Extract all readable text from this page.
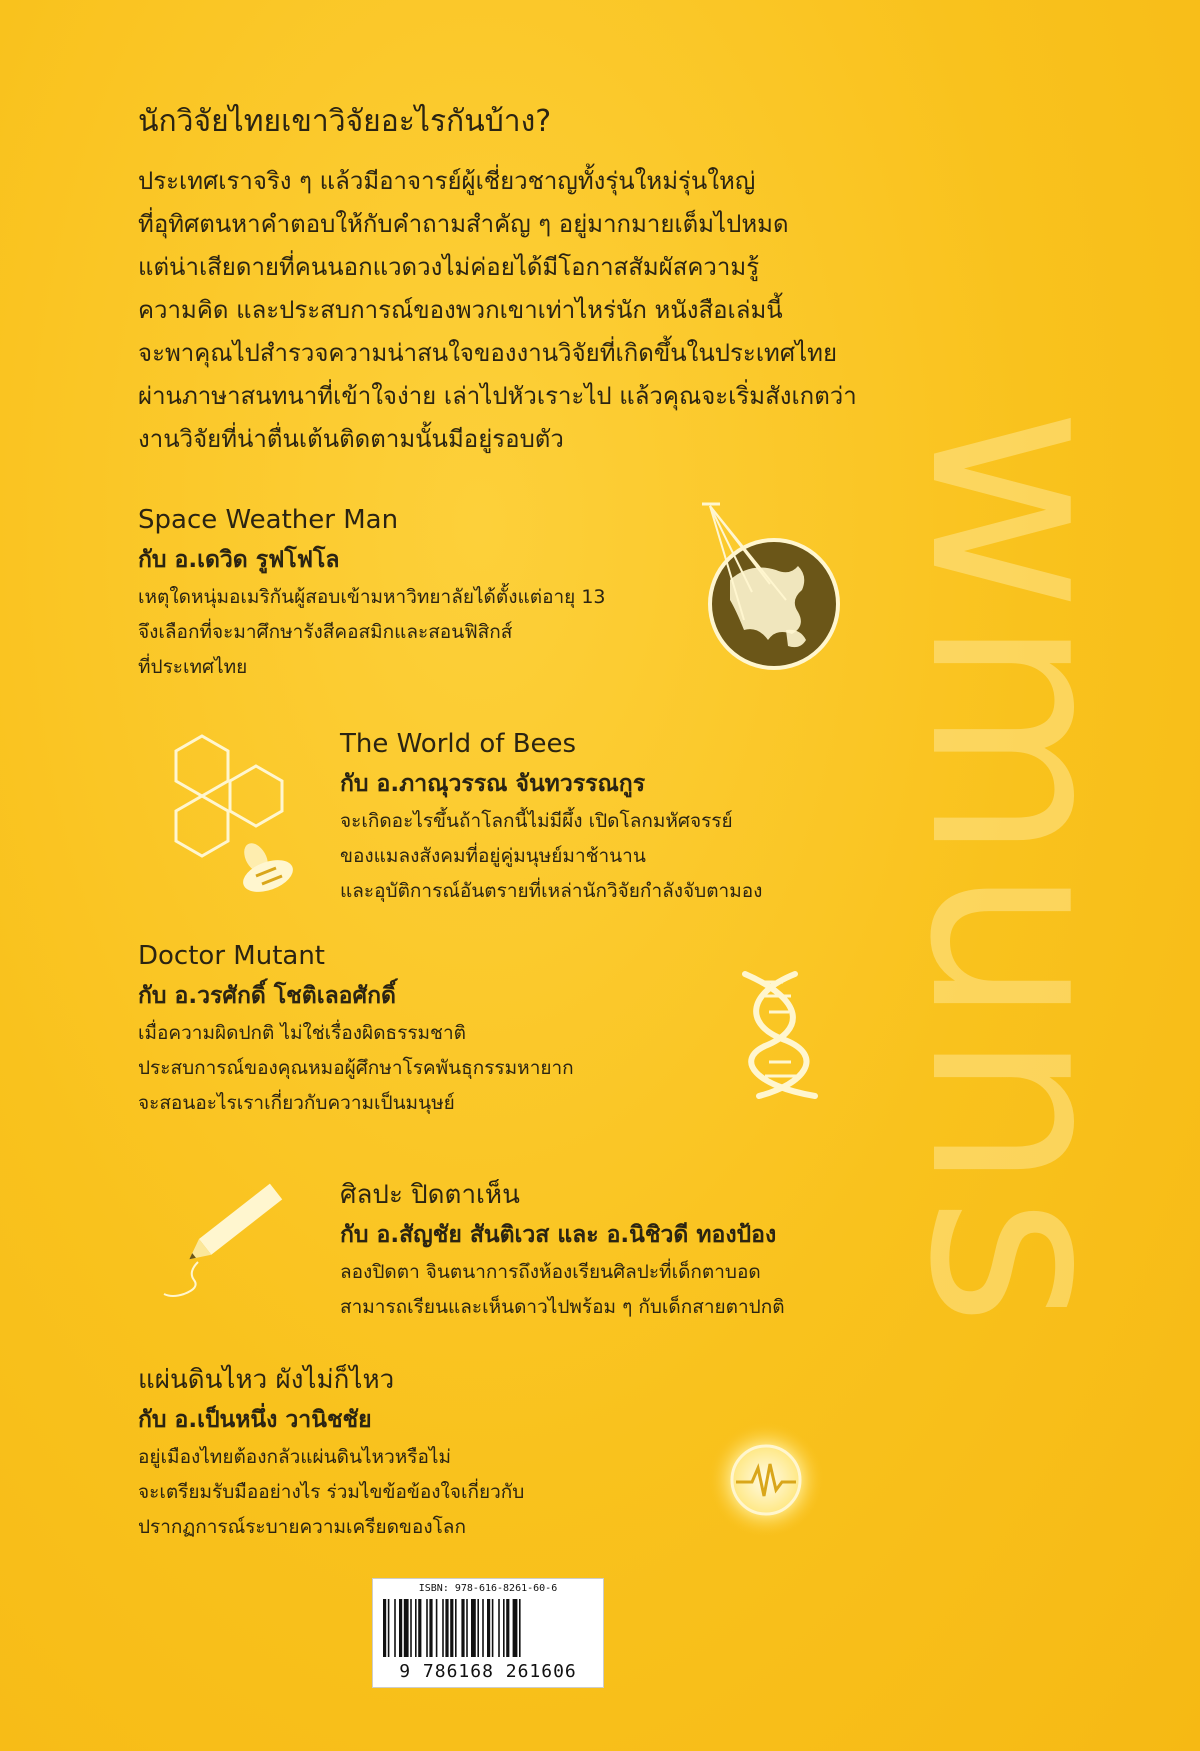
wmuns
นักวิจัยไทยเขาวิจัยอะไรกันบ้าง?
ประเทศเราจริง ๆ แล้วมีอาจารย์ผู้เชี่ยวชาญทั้งรุ่นใหม่รุ่นใหญ่
ที่อุทิศตนหาคำตอบให้กับคำถามสำคัญ ๆ อยู่มากมายเต็มไปหมด
แต่น่าเสียดายที่คนนอกแวดวงไม่ค่อยได้มีโอกาสสัมผัสความรู้
ความคิด และประสบการณ์ของพวกเขาเท่าไหร่นัก หนังสือเล่มนี้
จะพาคุณไปสำรวจความน่าสนใจของงานวิจัยที่เกิดขึ้นในประเทศไทย
ผ่านภาษาสนทนาที่เข้าใจง่าย เล่าไปหัวเราะไป แล้วคุณจะเริ่มสังเกตว่า
งานวิจัยที่น่าตื่นเต้นติดตามนั้นมีอยู่รอบตัว
Space Weather Man
กับ อ.เดวิด รูฟโฟโล
เหตุใดหนุ่มอเมริกันผู้สอบเข้ามหาวิทยาลัยได้ตั้งแต่อายุ 13
จึงเลือกที่จะมาศึกษารังสีคอสมิกและสอนฟิสิกส์
ที่ประเทศไทย
The World of Bees
กับ อ.ภาณุวรรณ จันทวรรณกูร
จะเกิดอะไรขึ้นถ้าโลกนี้ไม่มีผึ้ง เปิดโลกมหัศจรรย์
ของแมลงสังคมที่อยู่คู่มนุษย์มาช้านาน
และอุบัติการณ์อันตรายที่เหล่านักวิจัยกำลังจับตามอง
Doctor Mutant
กับ อ.วรศักดิ์ โชติเลอศักดิ์
เมื่อความผิดปกติ ไม่ใช่เรื่องผิดธรรมชาติ
ประสบการณ์ของคุณหมอผู้ศึกษาโรคพันธุกรรมหายาก
จะสอนอะไรเราเกี่ยวกับความเป็นมนุษย์
ศิลปะ ปิดตาเห็น
กับ อ.สัญชัย สันติเวส และ อ.นิชิวดี ทองป้อง
ลองปิดตา จินตนาการถึงห้องเรียนศิลปะที่เด็กตาบอด
สามารถเรียนและเห็นดาวไปพร้อม ๆ กับเด็กสายตาปกติ
แผ่นดินไหว ผังไม่ก็ไหว
กับ อ.เป็นหนึ่ง วานิชชัย
อยู่เมืองไทยต้องกลัวแผ่นดินไหวหรือไม่
จะเตรียมรับมืออย่างไร ร่วมไขข้อข้องใจเกี่ยวกับ
ปรากฏการณ์ระบายความเครียดของโลก
ISBN: 978-616-8261-60-6
9 786168 261606
